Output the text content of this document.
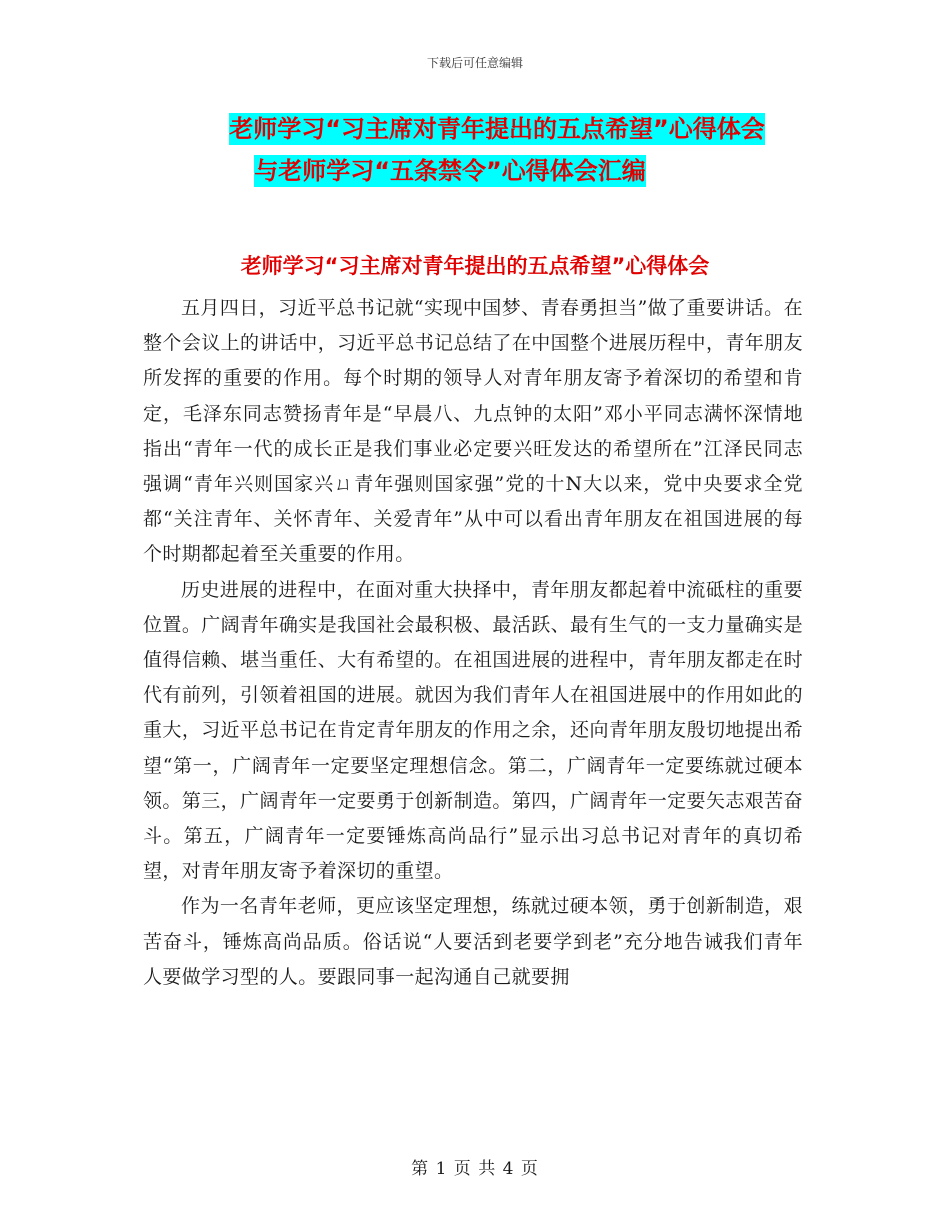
下载后可任意编辑
老师学习“习主席对青年提出的五点希望”心得体会
与老师学习“五条禁令”心得体会汇编
老师学习“习主席对青年提出的五点希望”心得体会

五月四日，习近平总书记就“实现中国梦、青春勇担当”做了重要讲话。在整个会议上的讲话中，习近平总书记总结了在中国整个进展历程中，青年朋友所发挥的重要的作用。每个时期的领导人对青年朋友寄予着深切的希望和肯定，毛泽东同志赞扬青年是“早晨八、九点钟的太阳”邓小平同志满怀深情地指出“青年一代的成长正是我们事业必定要兴旺发达的希望所在”江泽民同志强调“青年兴则国家兴ㄩ青年强则国家强”党的十N大以来，党中央要求全党都“关注青年、关怀青年、关爱青年”从中可以看出青年朋友在祖国进展的每个时期都起着至关重要的作用。

历史进展的进程中，在面对重大抉择中，青年朋友都起着中流砥柱的重要位置。广阔青年确实是我国社会最积极、最活跃、最有生气的一支力量确实是值得信赖、堪当重任、大有希望的。在祖国进展的进程中，青年朋友都走在时代有前列，引领着祖国的进展。就因为我们青年人在祖国进展中的作用如此的重大，习近平总书记在肯定青年朋友的作用之余，还向青年朋友殷切地提出希望“第一，广阔青年一定要坚定理想信念。第二，广阔青年一定要练就过硬本领。第三，广阔青年一定要勇于创新制造。第四，广阔青年一定要矢志艰苦奋斗。第五，广阔青年一定要锤炼高尚品行”显示出习总书记对青年的真切希望，对青年朋友寄予着深切的重望。

作为一名青年老师，更应该坚定理想，练就过硬本领，勇于创新制造，艰苦奋斗，锤炼高尚品质。俗话说“人要活到老要学到老”充分地告诫我们青年人要做学习型的人。要跟同事一起沟通自己就要拥

第 1 页 共 4 页
